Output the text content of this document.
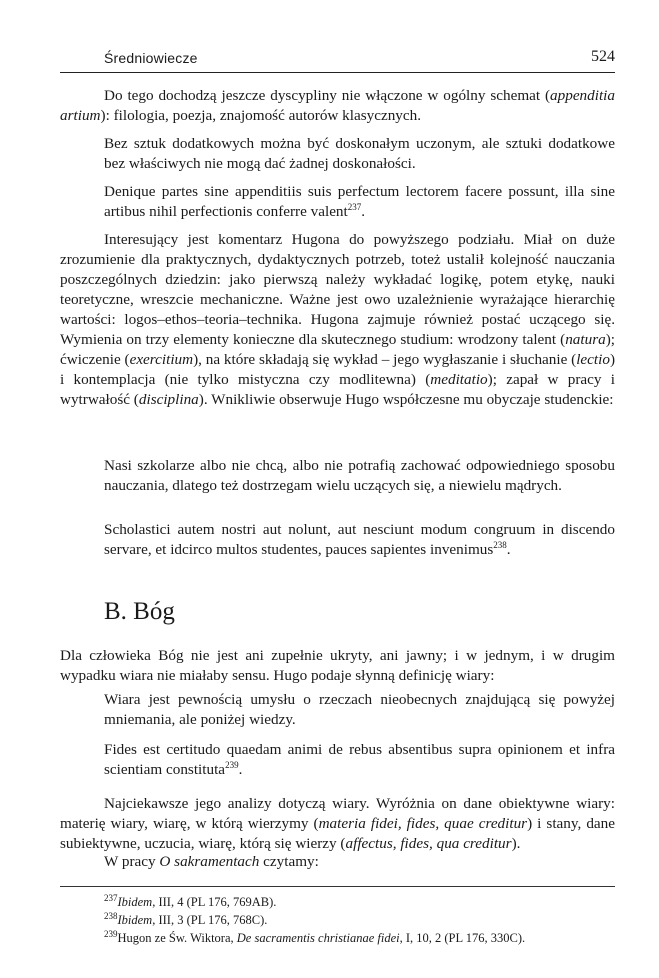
Średniowiecze	524

Do tego dochodzą jeszcze dyscypliny nie włączone w ogólny schemat (appenditia artium): filologia, poezja, znajomość autorów klasycznych.

Bez sztuk dodatkowych można być doskonałym uczonym, ale sztuki dodatkowe bez właściwych nie mogą dać żadnej doskonałości.

Denique partes sine appenditiis suis perfectum lectorem facere possunt, illa sine artibus nihil perfectionis conferre valent$^{237}$.

Interesujący jest komentarz Hugona do powyższego podziału. Miał on duże zrozumienie dla praktycznych, dydaktycznych potrzeb, toteż ustalił kolejność nauczania poszczególnych dziedzin: jako pierwszą należy wykładać logikę, potem etykę, nauki teoretyczne, wreszcie mechaniczne. Ważne jest owo uzależnienie wyrażające hierarchię wartości: logos–ethos–teoria–technika. Hugona zajmuje również postać uczącego się. Wymienia on trzy elementy konieczne dla skutecznego studium: wrodzony talent (natura); ćwiczenie (exercitium), na które składają się wykład – jego wygłaszanie i słuchanie (lectio) i kontemplacja (nie tylko mistyczna czy modlitewna) (meditatio); zapał w pracy i wytrwałość (disciplina). Wnikliwie obserwuje Hugo współczesne mu obyczaje studenckie:

Nasi szkolarze albo nie chcą, albo nie potrafią zachować odpowiedniego sposobu nauczania, dlatego też dostrzegam wielu uczących się, a niewielu mądrych.

Scholastici autem nostri aut nolunt, aut nesciunt modum congruum in discendo servare, et idcirco multos studentes, pauces sapientes invenimus$^{238}$.

B. Bóg

Dla człowieka Bóg nie jest ani zupełnie ukryty, ani jawny; i w jednym, i w drugim wypadku wiara nie miałaby sensu. Hugo podaje słynną definicję wiary:

Wiara jest pewnością umysłu o rzeczach nieobecnych znajdującą się powyżej mniemania, ale poniżej wiedzy.

Fides est certitudo quaedam animi de rebus absentibus supra opinionem et infra scientiam constituta$^{239}$.

Najciekawsze jego analizy dotyczą wiary. Wyróżnia on dane obiektywne wiary: materię wiary, wiarę, w którą wierzymy (materia fidei, fides, quae creditur) i stany, dane subiektywne, uczucia, wiarę, którą się wierzy (affectus, fides, qua creditur).

W pracy O sakramentach czytamy:

$^{237}$Ibidem, III, 4 (PL 176, 769AB).

$^{238}$Ibidem, III, 3 (PL 176, 768C).

$^{239}$Hugon ze Św. Wiktora, De sacramentis christianae fidei, I, 10, 2 (PL 176, 330C).
